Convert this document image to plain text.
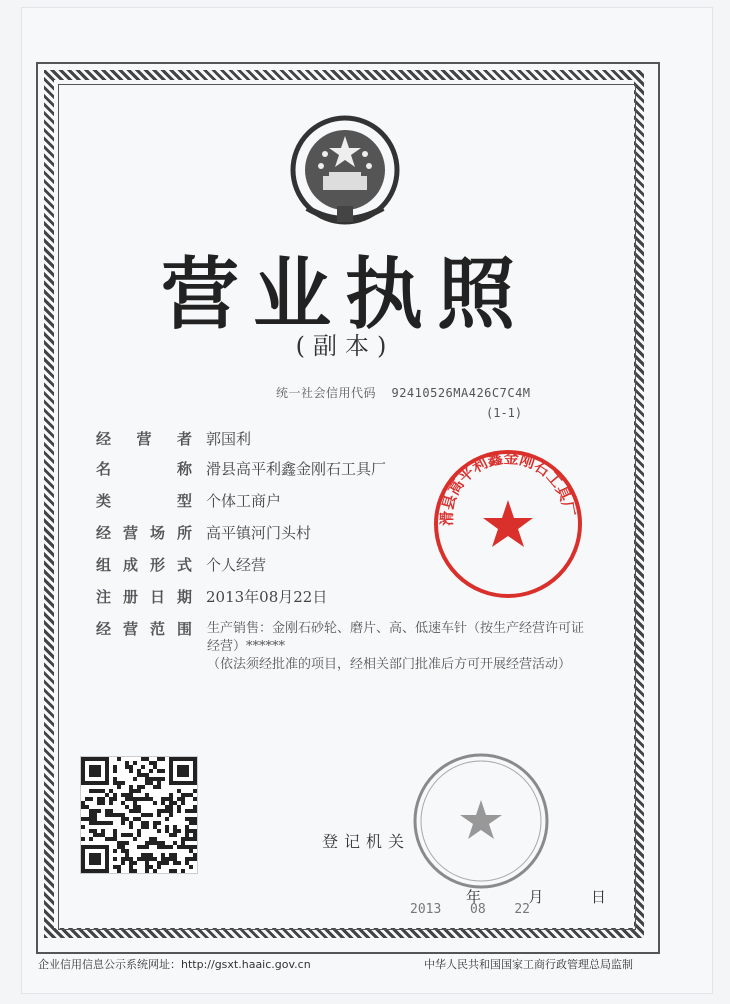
营业执照
(副本)
统一社会信用代码 92410526MA426C7C4M
(1-1)
经营者 郭国利
名称 滑县高平利鑫金刚石工具厂
类型 个体工商户
经营场所 高平镇河门头村
组成形式 个人经营
注册日期 2013年08月22日
经营范围 生产销售：金刚石砂轮、磨片、高、低速车针（按生产经营许可证经营）******

（依法须经批准的项目，经相关部门批准后方可开展经营活动）

滑县高平利鑫金刚石工具厂
登记机关
年	月	日
2013 08 22
企业信用信息公示系统网址：http://gsxt.haaic.gov.cn	中华人民共和国国家工商行政管理总局监制
